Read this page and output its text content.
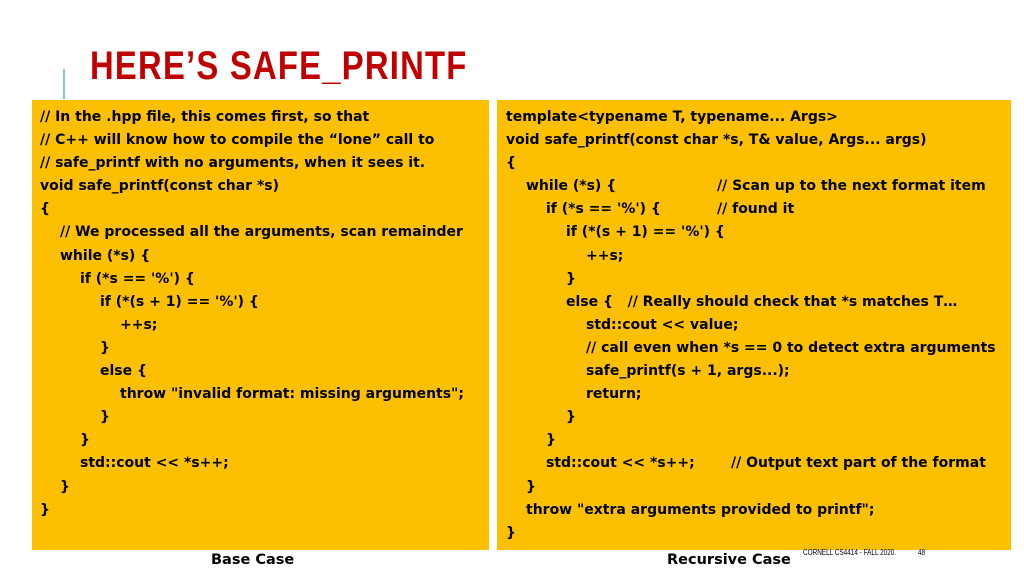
HERE’S SAFE_PRINTF
// In the .hpp file, this comes first, so that
// C++ will know how to compile the “lone” call to
// safe_printf with no arguments, when it sees it.
void safe_printf(const char *s)
{
// We processed all the arguments, scan remainder
while (*s) {
if (*s == '%') {
if (*(s + 1) == '%') {
++s;
}
else {
throw "invalid format: missing arguments";
}
}
std::cout << *s++;
}
}
template<typename T, typename... Args>
void safe_printf(const char *s, T& value, Args... args)
{
while (*s) {	// Scan up to the next format item
if (*s == '%') {	// found it
if (*(s + 1) == '%') {
++s;
}
else {   // Really should check that *s matches T…
std::cout << value;
// call even when *s == 0 to detect extra arguments
safe_printf(s + 1, args...);
return;
}
}
std::cout << *s++;	// Output text part of the format
}
throw "extra arguments provided to printf";
}
Base Case	Recursive Case CORNELL CS4414 - FALL 2020.	48
